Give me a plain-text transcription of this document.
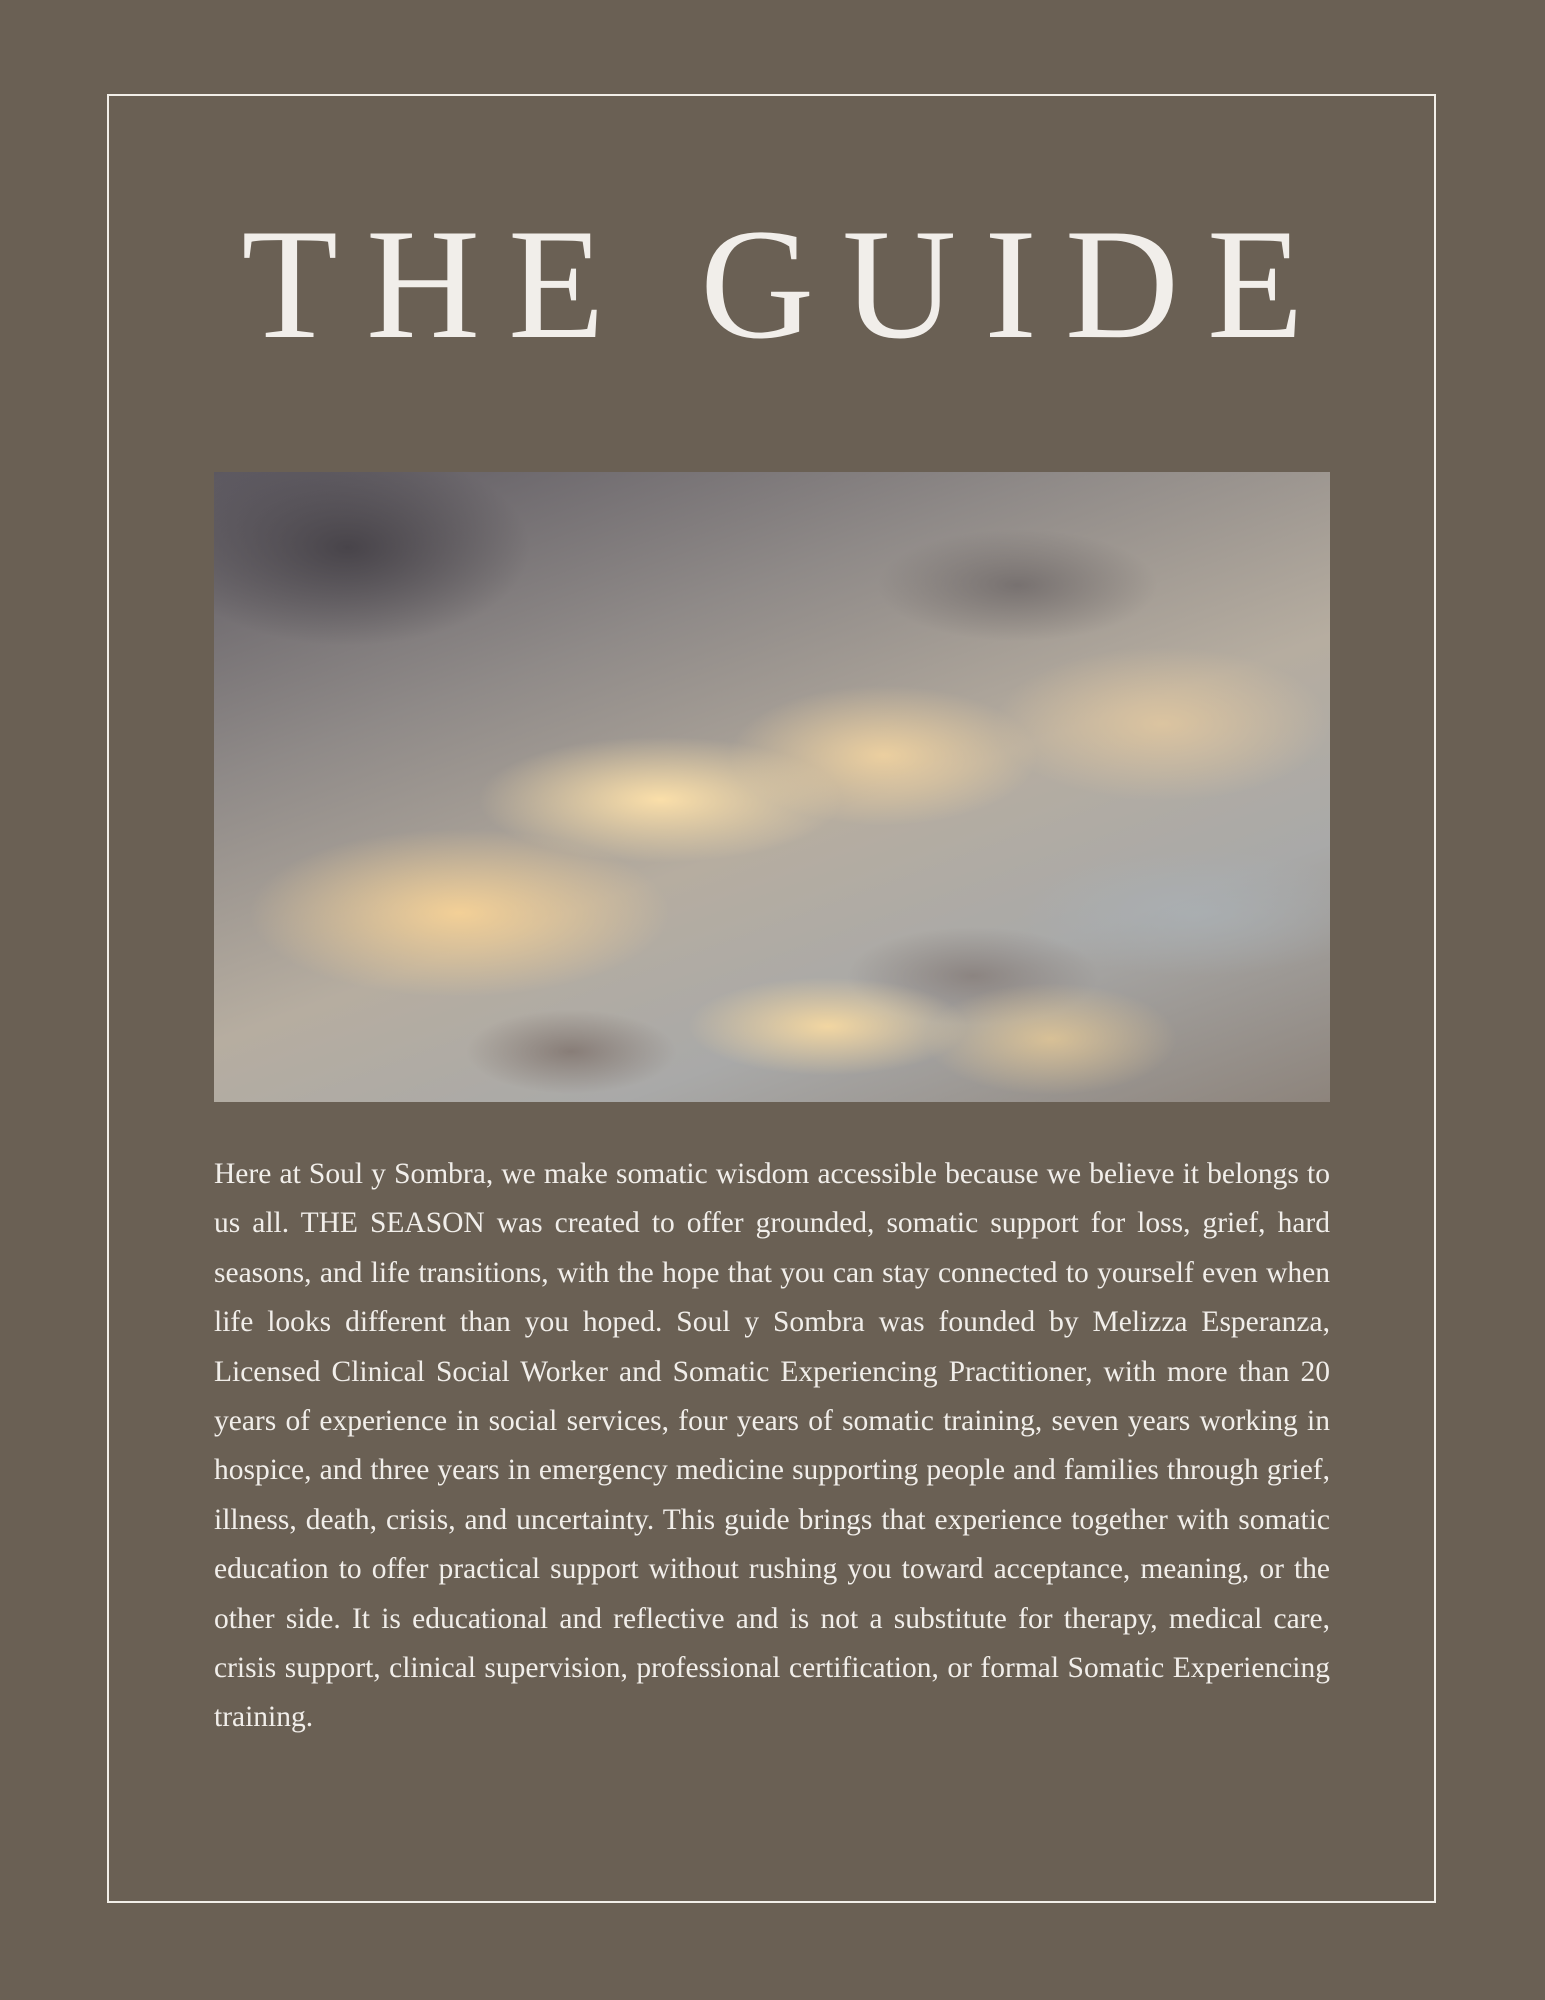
THE GUIDE

Here at Soul y Sombra, we make somatic wisdom accessible because we believe it belongs to us all. THE SEASON was created to offer grounded, somatic support for loss, grief, hard seasons, and life transitions, with the hope that you can stay connected to yourself even when life looks different than you hoped. Soul y Sombra was founded by Melizza Esperanza, Licensed Clinical Social Worker and Somatic Experiencing Practitioner, with more than 20 years of experience in social services, four years of somatic training, seven years working in hospice, and three years in emergency medicine supporting people and families through grief, illness, death, crisis, and uncertainty. This guide brings that experience together with somatic education to offer practical support without rushing you toward acceptance, meaning, or the other side. It is educational and reflective and is not a substitute for therapy, medical care, crisis support, clinical supervision, professional certification, or formal Somatic Experiencing training.
